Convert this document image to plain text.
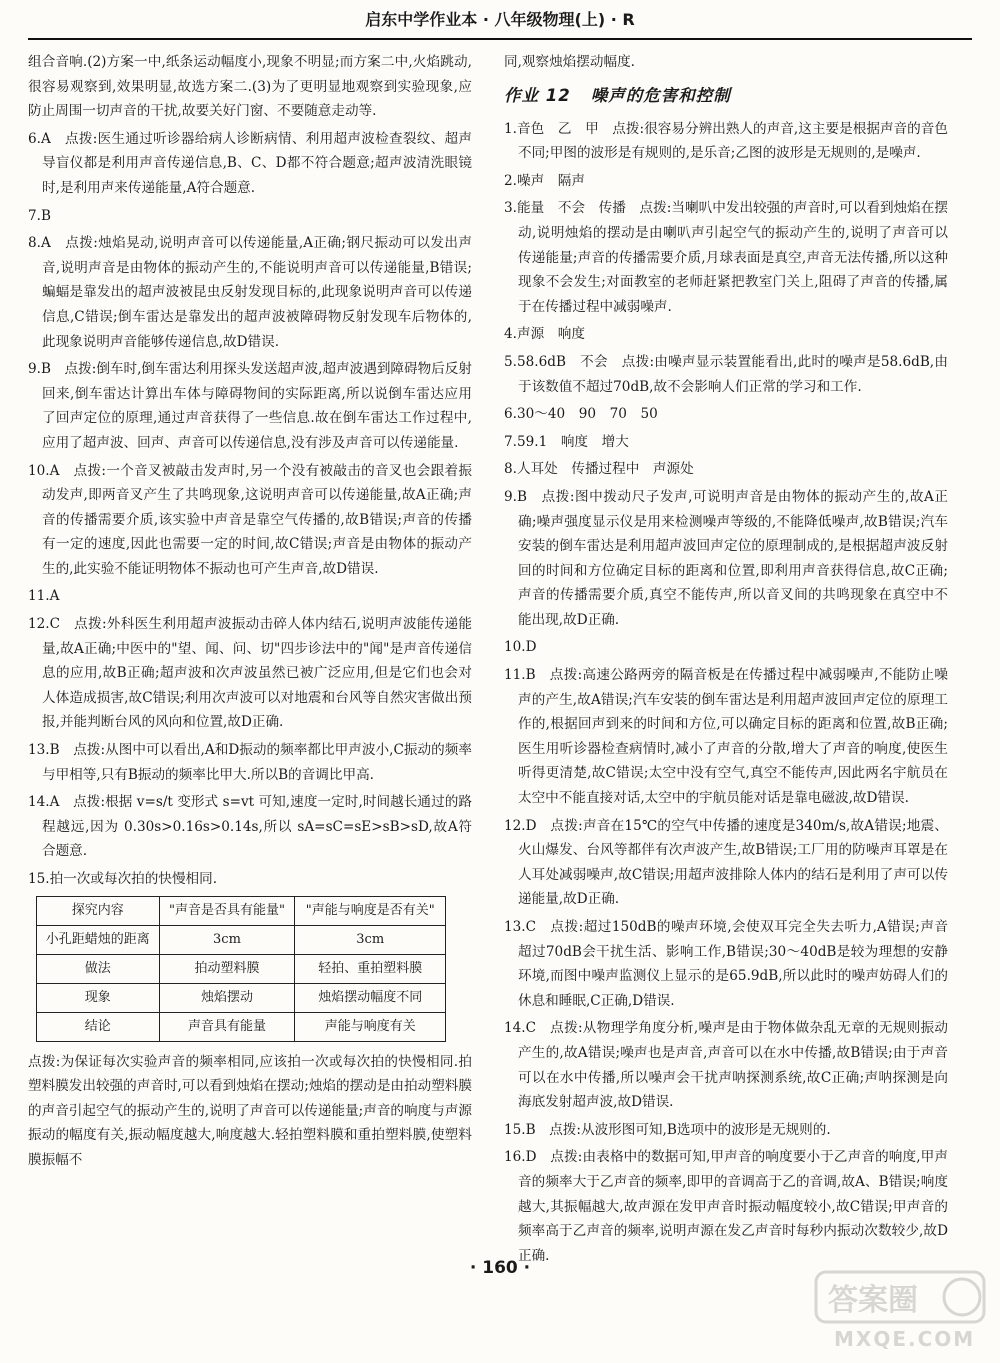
启东中学作业本 · 八年级物理(上) · R

组合音响.(2)方案一中,纸条运动幅度小,现象不明显;而方案二中,火焰跳动,很容易观察到,效果明显,故选方案二.(3)为了更明显地观察到实验现象,应防止周围一切声音的干扰,故要关好门窗、不要随意走动等.

6.A　点拨:医生通过听诊器给病人诊断病情、利用超声波检查裂纹、超声导盲仪都是利用声音传递信息,B、C、D都不符合题意;超声波清洗眼镜时,是利用声来传递能量,A符合题意.

7.B

8.A　点拨:烛焰晃动,说明声音可以传递能量,A正确;钢尺振动可以发出声音,说明声音是由物体的振动产生的,不能说明声音可以传递能量,B错误;蝙蝠是靠发出的超声波被昆虫反射发现目标的,此现象说明声音可以传递信息,C错误;倒车雷达是靠发出的超声波被障碍物反射发现车后物体的,此现象说明声音能够传递信息,故D错误.

9.B　点拨:倒车时,倒车雷达利用探头发送超声波,超声波遇到障碍物后反射回来,倒车雷达计算出车体与障碍物间的实际距离,所以说倒车雷达应用了回声定位的原理,通过声音获得了一些信息.故在倒车雷达工作过程中,应用了超声波、回声、声音可以传递信息,没有涉及声音可以传递能量.

10.A　点拨:一个音叉被敲击发声时,另一个没有被敲击的音叉也会跟着振动发声,即两音叉产生了共鸣现象,这说明声音可以传递能量,故A正确;声音的传播需要介质,该实验中声音是靠空气传播的,故B错误;声音的传播有一定的速度,因此也需要一定的时间,故C错误;声音是由物体的振动产生的,此实验不能证明物体不振动也可产生声音,故D错误.

11.A

12.C　点拨:外科医生利用超声波振动击碎人体内结石,说明声波能传递能量,故A正确;中医中的"望、闻、问、切"四步诊法中的"闻"是声音传递信息的应用,故B正确;超声波和次声波虽然已被广泛应用,但是它们也会对人体造成损害,故C错误;利用次声波可以对地震和台风等自然灾害做出预报,并能判断台风的风向和位置,故D正确.

13.B　点拨:从图中可以看出,A和D振动的频率都比甲声波小,C振动的频率与甲相等,只有B振动的频率比甲大.所以B的音调比甲高.

14.A　点拨:根据 v=s/t 变形式 s=vt 可知,速度一定时,时间越长通过的路程越远,因为 0.30s>0.16s>0.14s,所以 sA=sC=sE>sB>sD,故A符合题意.

15.拍一次或每次拍的快慢相同.

探究内容	"声音是否具有能量"	"声能与响度是否有关"
小孔距蜡烛的距离	3cm	3cm
做法	拍动塑料膜	轻拍、重拍塑料膜
现象	烛焰摆动	烛焰摆动幅度不同
结论	声音具有能量	声能与响度有关

点拨:为保证每次实验声音的频率相同,应该拍一次或每次拍的快慢相同.拍塑料膜发出较强的声音时,可以看到烛焰在摆动;烛焰的摆动是由拍动塑料膜的声音引起空气的振动产生的,说明了声音可以传递能量;声音的响度与声源振动的幅度有关,振动幅度越大,响度越大.轻拍塑料膜和重拍塑料膜,使塑料膜振幅不

同,观察烛焰摆动幅度.

作业 12 噪声的危害和控制

1.音色　乙　甲　点拨:很容易分辨出熟人的声音,这主要是根据声音的音色不同;甲图的波形是有规则的,是乐音;乙图的波形是无规则的,是噪声.

2.噪声　隔声

3.能量　不会　传播　点拨:当喇叭中发出较强的声音时,可以看到烛焰在摆动,说明烛焰的摆动是由喇叭声引起空气的振动产生的,说明了声音可以传递能量;声音的传播需要介质,月球表面是真空,声音无法传播,所以这种现象不会发生;对面教室的老师赶紧把教室门关上,阻碍了声音的传播,属于在传播过程中减弱噪声.

4.声源　响度

5.58.6dB　不会　点拨:由噪声显示装置能看出,此时的噪声是58.6dB,由于该数值不超过70dB,故不会影响人们正常的学习和工作.

6.30～40　90　70　50

7.59.1　响度　增大

8.人耳处　传播过程中　声源处

9.B　点拨:图中拨动尺子发声,可说明声音是由物体的振动产生的,故A正确;噪声强度显示仪是用来检测噪声等级的,不能降低噪声,故B错误;汽车安装的倒车雷达是利用超声波回声定位的原理制成的,是根据超声波反射回的时间和方位确定目标的距离和位置,即利用声音获得信息,故C正确;声音的传播需要介质,真空不能传声,所以音叉间的共鸣现象在真空中不能出现,故D正确.

10.D

11.B　点拨:高速公路两旁的隔音板是在传播过程中减弱噪声,不能防止噪声的产生,故A错误;汽车安装的倒车雷达是利用超声波回声定位的原理工作的,根据回声到来的时间和方位,可以确定目标的距离和位置,故B正确;医生用听诊器检查病情时,减小了声音的分散,增大了声音的响度,使医生听得更清楚,故C错误;太空中没有空气,真空不能传声,因此两名宇航员在太空中不能直接对话,太空中的宇航员能对话是靠电磁波,故D错误.

12.D　点拨:声音在15℃的空气中传播的速度是340m/s,故A错误;地震、火山爆发、台风等都伴有次声波产生,故B错误;工厂用的防噪声耳罩是在人耳处减弱噪声,故C错误;用超声波排除人体内的结石是利用了声可以传递能量,故D正确.

13.C　点拨:超过150dB的噪声环境,会使双耳完全失去听力,A错误;声音超过70dB会干扰生活、影响工作,B错误;30～40dB是较为理想的安静环境,而图中噪声监测仪上显示的是65.9dB,所以此时的噪声妨碍人们的休息和睡眠,C正确,D错误.

14.C　点拨:从物理学角度分析,噪声是由于物体做杂乱无章的无规则振动产生的,故A错误;噪声也是声音,声音可以在水中传播,故B错误;由于声音可以在水中传播,所以噪声会干扰声呐探测系统,故C正确;声呐探测是向海底发射超声波,故D错误.

15.B　点拨:从波形图可知,B选项中的波形是无规则的.

16.D　点拨:由表格中的数据可知,甲声音的响度要小于乙声音的响度,甲声音的频率大于乙声音的频率,即甲的音调高于乙的音调,故A、B错误;响度越大,其振幅越大,故声源在发甲声音时振动幅度较小,故C错误;甲声音的频率高于乙声音的频率,说明声源在发乙声音时每秒内振动次数较少,故D正确.

· 160 ·
答案圈
MXQE.COM
